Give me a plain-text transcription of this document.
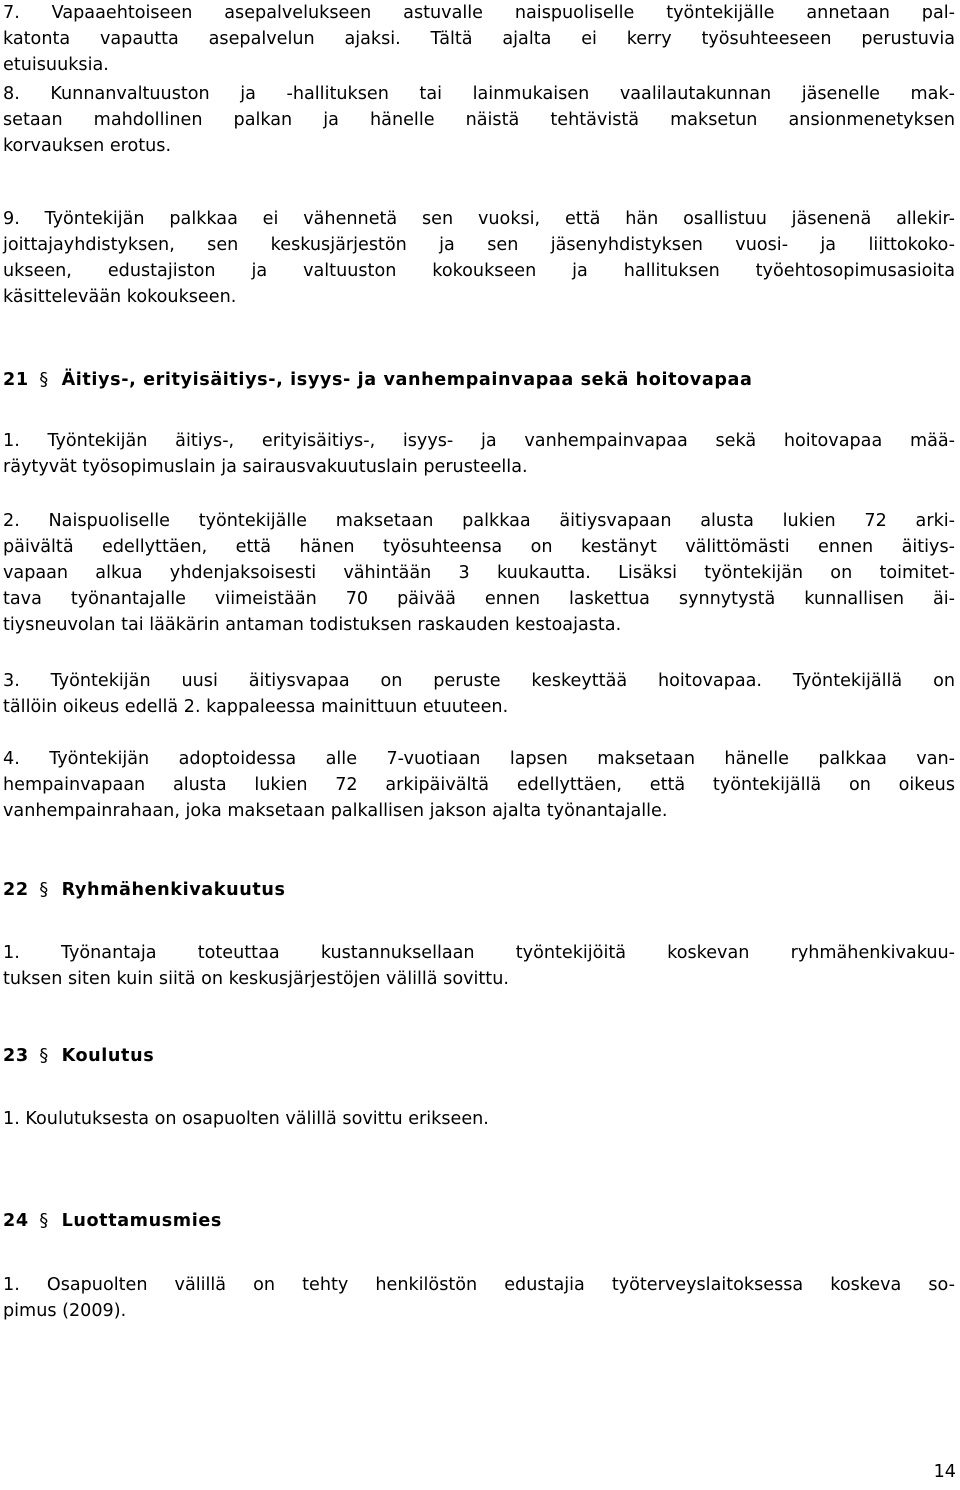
7. Vapaaehtoiseen asepalvelukseen astuvalle naispuoliselle työntekijälle annetaan pal-
katonta vapautta asepalvelun ajaksi. Tältä ajalta ei kerry työsuhteeseen perustuvia
etuisuuksia.
8. Kunnanvaltuuston ja -hallituksen tai lainmukaisen vaalilautakunnan jäsenelle mak-
setaan mahdollinen palkan ja hänelle näistä tehtävistä maksetun ansionmenetyksen
korvauksen erotus.
9. Työntekijän palkkaa ei vähennetä sen vuoksi, että hän osallistuu jäsenenä allekir-
joittajayhdistyksen, sen keskusjärjestön ja sen jäsenyhdistyksen vuosi- ja liittokoko-
ukseen, edustajiston ja valtuuston kokoukseen ja hallituksen työehtosopimusasioita
käsittelevään kokoukseen.
21 § Äitiys-, erityisäitiys-, isyys- ja vanhempainvapaa sekä hoitovapaa
1. Työntekijän äitiys-, erityisäitiys-, isyys- ja vanhempainvapaa sekä hoitovapaa mää-
räytyvät työsopimuslain ja sairausvakuutuslain perusteella.
2. Naispuoliselle työntekijälle maksetaan palkkaa äitiysvapaan alusta lukien 72 arki-
päivältä edellyttäen, että hänen työsuhteensa on kestänyt välittömästi ennen äitiys-
vapaan alkua yhdenjaksoisesti vähintään 3 kuukautta. Lisäksi työntekijän on toimitet-
tava työnantajalle viimeistään 70 päivää ennen laskettua synnytystä kunnallisen äi-
tiysneuvolan tai lääkärin antaman todistuksen raskauden kestoajasta.
3. Työntekijän uusi äitiysvapaa on peruste keskeyttää hoitovapaa. Työntekijällä on
tällöin oikeus edellä 2. kappaleessa mainittuun etuuteen.
4. Työntekijän adoptoidessa alle 7-vuotiaan lapsen maksetaan hänelle palkkaa van-
hempainvapaan alusta lukien 72 arkipäivältä edellyttäen, että työntekijällä on oikeus
vanhempainrahaan, joka maksetaan palkallisen jakson ajalta työnantajalle.
22 § Ryhmähenkivakuutus
1. Työnantaja toteuttaa kustannuksellaan työntekijöitä koskevan ryhmähenkivakuu-
tuksen siten kuin siitä on keskusjärjestöjen välillä sovittu.
23 § Koulutus
1. Koulutuksesta on osapuolten välillä sovittu erikseen.
24 § Luottamusmies
1. Osapuolten välillä on tehty henkilöstön edustajia työterveyslaitoksessa koskeva so-
pimus (2009).
14
